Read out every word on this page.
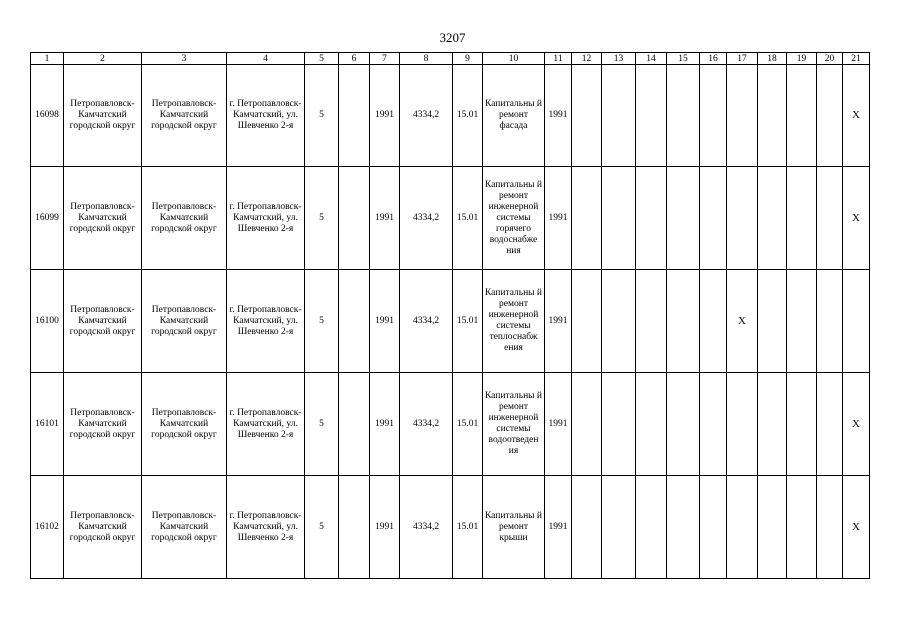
3207
1	2	3	4	5	6	7	8	9	10	11	12	13	14	15	16	17	18	19	20	21
16098	Петропавловск-Камчатский городской округ	Петропавловск-Камчатский городской округ	г. Петропавловск-Камчатский, ул. Шевченко 2-я	5		1991	4334,2	15.01	Капитальны й ремонт фасада	1991										X
16099	Петропавловск-Камчатский городской округ	Петропавловск-Камчатский городской округ	г. Петропавловск-Камчатский, ул. Шевченко 2-я	5		1991	4334,2	15.01	Капитальны й ремонт инженерной системы горячего водоснабже ния	1991										X
16100	Петропавловск-Камчатский городской округ	Петропавловск-Камчатский городской округ	г. Петропавловск-Камчатский, ул. Шевченко 2-я	5		1991	4334,2	15.01	Капитальны й ремонт инженерной системы теплоснабж ения	1991						X				
16101	Петропавловск-Камчатский городской округ	Петропавловск-Камчатский городской округ	г. Петропавловск-Камчатский, ул. Шевченко 2-я	5		1991	4334,2	15.01	Капитальны й ремонт инженерной системы водоотведен ия	1991										X
16102	Петропавловск-Камчатский городской округ	Петропавловск-Камчатский городской округ	г. Петропавловск-Камчатский, ул. Шевченко 2-я	5		1991	4334,2	15.01	Капитальны й ремонт крыши	1991										X
